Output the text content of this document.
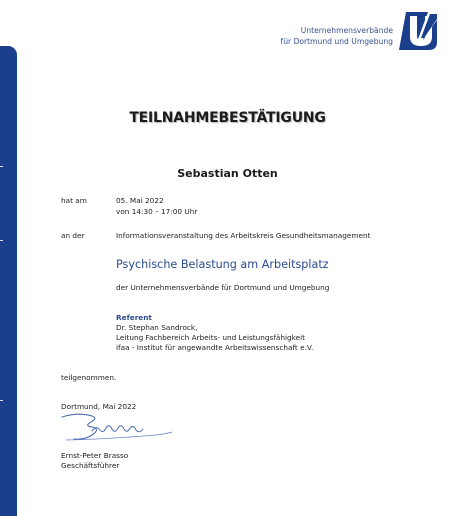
Unternehmensverbände
für Dortmund und Umgebung
TEILNAHMEBESTÄTIGUNG
Sebastian Otten
hat am	05. Mai 2022
von 14:30 – 17:00 Uhr
an der	Informationsveranstaltung des Arbeitskreis Gesundheitsmanagement
Psychische Belastung am Arbeitsplatz
der Unternehmensverbände für Dortmund und Umgebung
Referent
Dr. Stephan Sandrock,
Leitung Fachbereich Arbeits- und Leistungsfähigkeit
ifaa - Institut für angewandte Arbeitswissenschaft e.V.
teilgenommen.
Dortmund, Mai 2022
Ernst-Peter Brasso
Geschäftsführer
